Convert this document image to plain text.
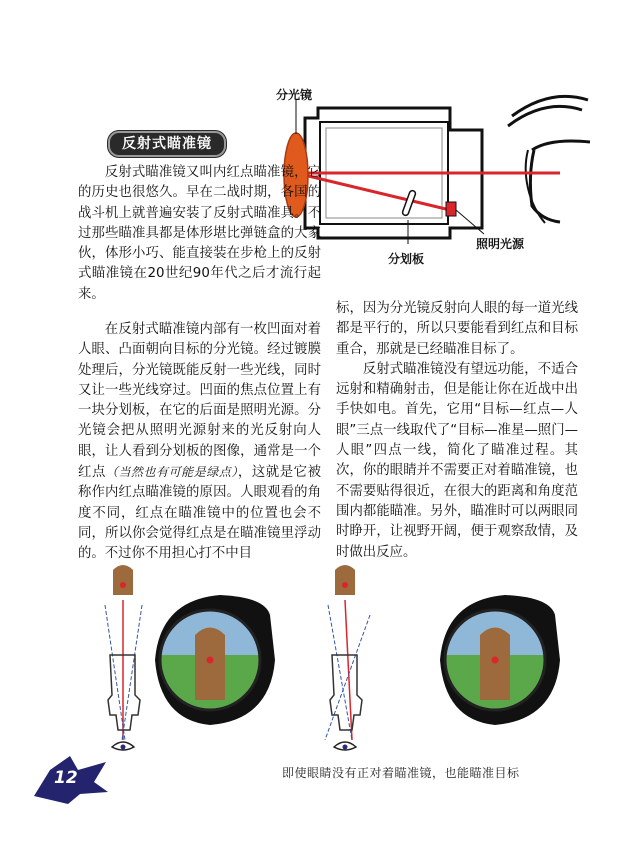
反射式瞄准镜
分光镜
照明光源
分划板

反射式瞄准镜又叫内红点瞄准镜，它的历史也很悠久。早在二战时期，各国的战斗机上就普遍安装了反射式瞄准具。不过那些瞄准具都是体形堪比弹链盒的大家伙，体形小巧、能直接装在步枪上的反射式瞄准镜在20世纪90年代之后才流行起来。

在反射式瞄准镜内部有一枚凹面对着人眼、凸面朝向目标的分光镜。经过镀膜处理后，分光镜既能反射一些光线，同时又让一些光线穿过。凹面的焦点位置上有一块分划板，在它的后面是照明光源。分光镜会把从照明光源射来的光反射向人眼，让人看到分划板的图像，通常是一个红点（当然也有可能是绿点），这就是它被称作内红点瞄准镜的原因。人眼观看的角度不同，红点在瞄准镜中的位置也会不同，所以你会觉得红点是在瞄准镜里浮动的。不过你不用担心打不中目

标，因为分光镜反射向人眼的每一道光线都是平行的，所以只要能看到红点和目标重合，那就是已经瞄准目标了。

反射式瞄准镜没有望远功能，不适合远射和精确射击，但是能让你在近战中出手快如电。首先，它用“目标—红点—人眼”三点一线取代了“目标—准星—照门—人眼”四点一线，简化了瞄准过程。其次，你的眼睛并不需要正对着瞄准镜，也不需要贴得很近，在很大的距离和角度范围内都能瞄准。另外，瞄准时可以两眼同时睁开，让视野开阔，便于观察敌情，及时做出反应。

12	即使眼睛没有正对着瞄准镜，也能瞄准目标
